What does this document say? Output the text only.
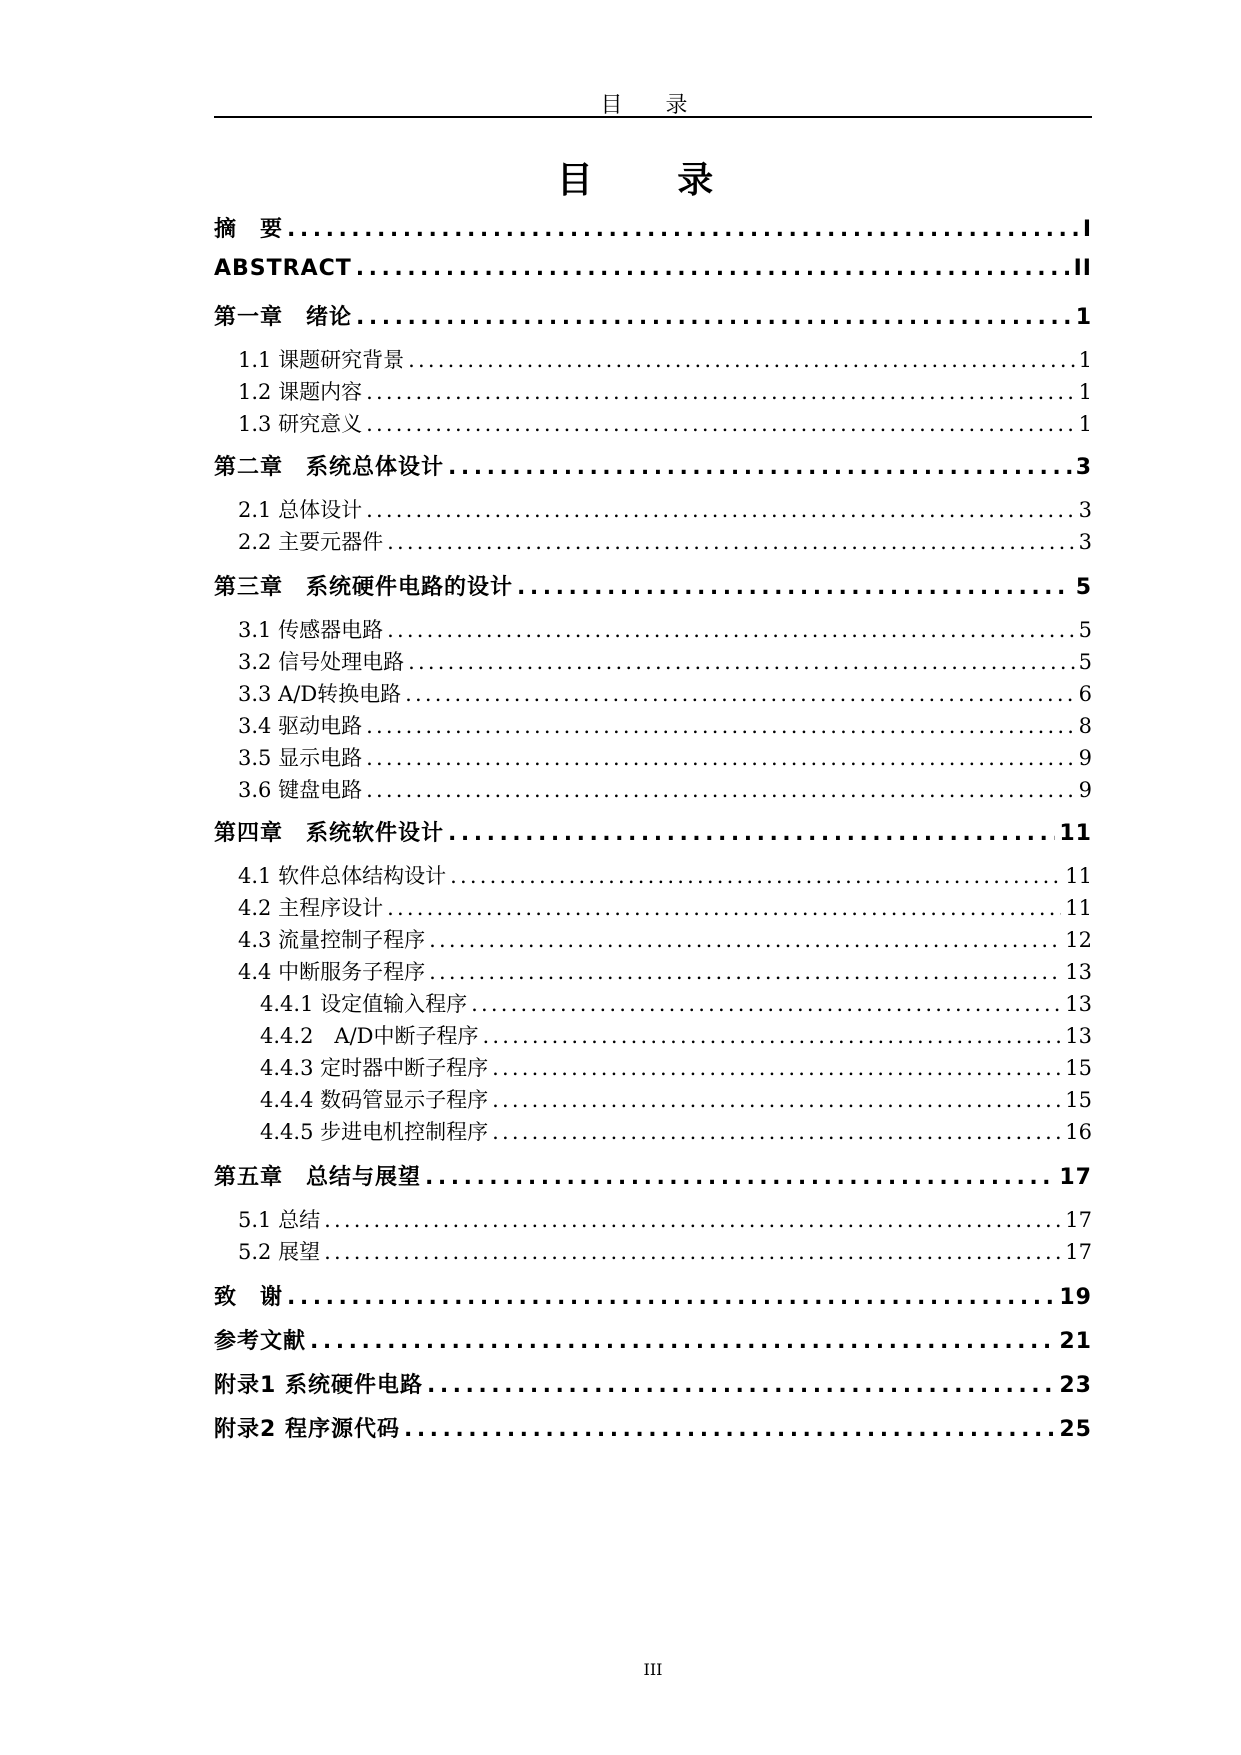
目 录
目 录
摘　要 .....	I
ABSTRACT .....	II
第一章　绪论 .....	1
1.1 课题研究背景 .....	1
1.2 课题内容 .....	1
1.3 研究意义 .....	1
第二章　系统总体设计 .....	3
2.1 总体设计 .....	3
2.2 主要元器件 .....	3
第三章　系统硬件电路的设计 .....	5
3.1 传感器电路 .....	5
3.2 信号处理电路 .....	5
3.3 A/D转换电路 .....	6
3.4 驱动电路 .....	8
3.5 显示电路 .....	9
3.6 键盘电路 .....	9
第四章　系统软件设计 .....	11
4.1 软件总体结构设计 .....	11
4.2 主程序设计 .....	11
4.3 流量控制子程序 .....	12
4.4 中断服务子程序 .....	13
4.4.1 设定值输入程序 .....	13
4.4.2　A/D中断子程序 .....	13
4.4.3 定时器中断子程序 .....	15
4.4.4 数码管显示子程序 .....	15
4.4.5 步进电机控制程序 .....	16
第五章　总结与展望 .....	17
5.1 总结 .....	17
5.2 展望 .....	17
致　谢 .....	19
参考文献 .....	21
附录1 系统硬件电路 .....	23
附录2 程序源代码 .....	25
III
